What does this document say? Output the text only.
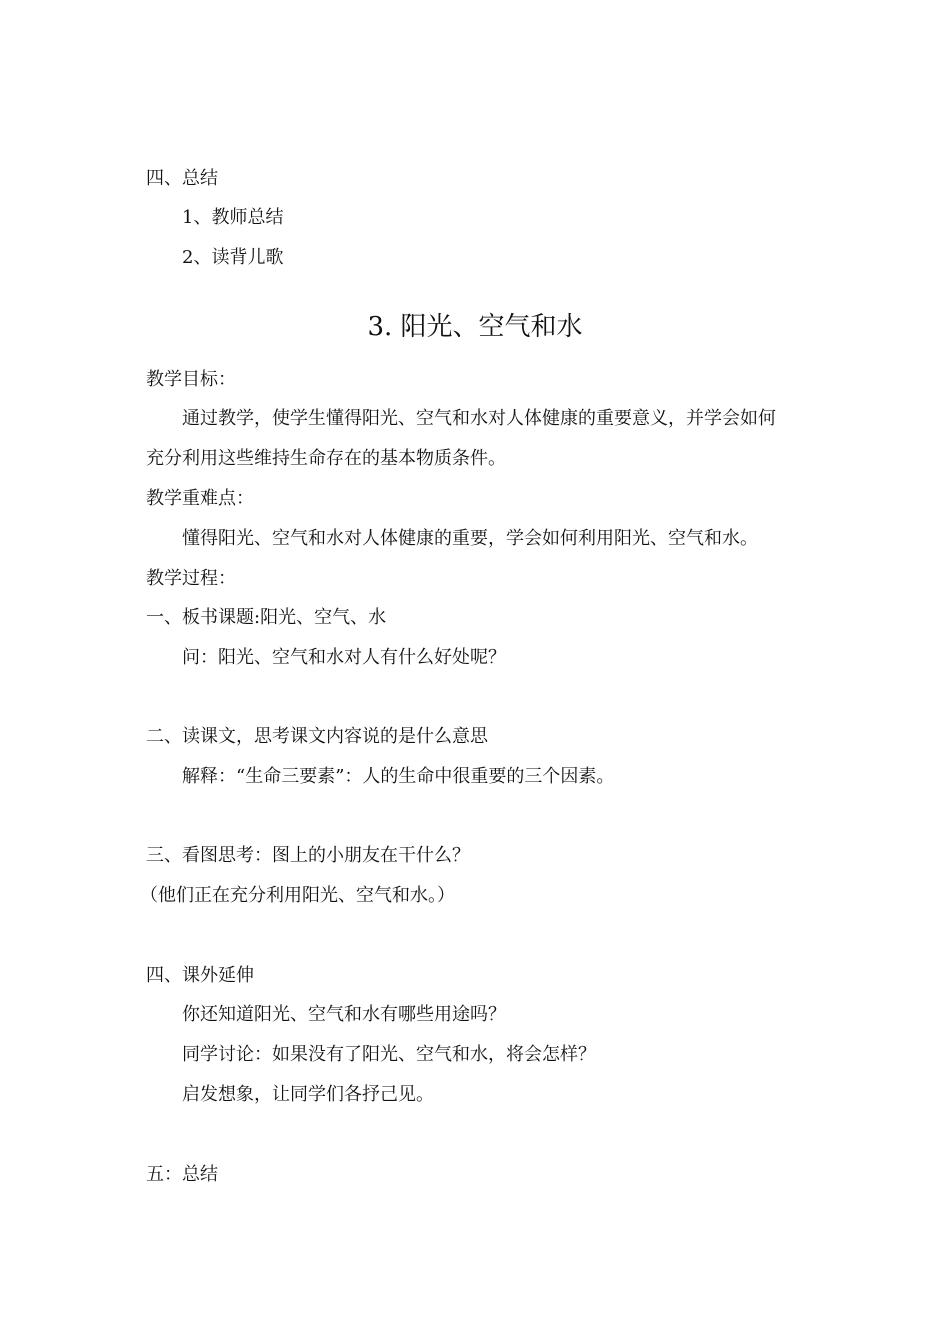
四、总结
1、教师总结
2、读背儿歌
3. 阳光、空气和水
教学目标：
通过教学，使学生懂得阳光、空气和水对人体健康的重要意义，并学会如何
充分利用这些维持生命存在的基本物质条件。
教学重难点：
懂得阳光、空气和水对人体健康的重要，学会如何利用阳光、空气和水。
教学过程：
一、板书课题:阳光、空气、水
问：阳光、空气和水对人有什么好处呢？
二、读课文，思考课文内容说的是什么意思
解释：“生命三要素”：人的生命中很重要的三个因素。
三、看图思考：图上的小朋友在干什么？
（他们正在充分利用阳光、空气和水。）
四、课外延伸
你还知道阳光、空气和水有哪些用途吗？
同学讨论：如果没有了阳光、空气和水，将会怎样？
启发想象，让同学们各抒己见。
五：总结
